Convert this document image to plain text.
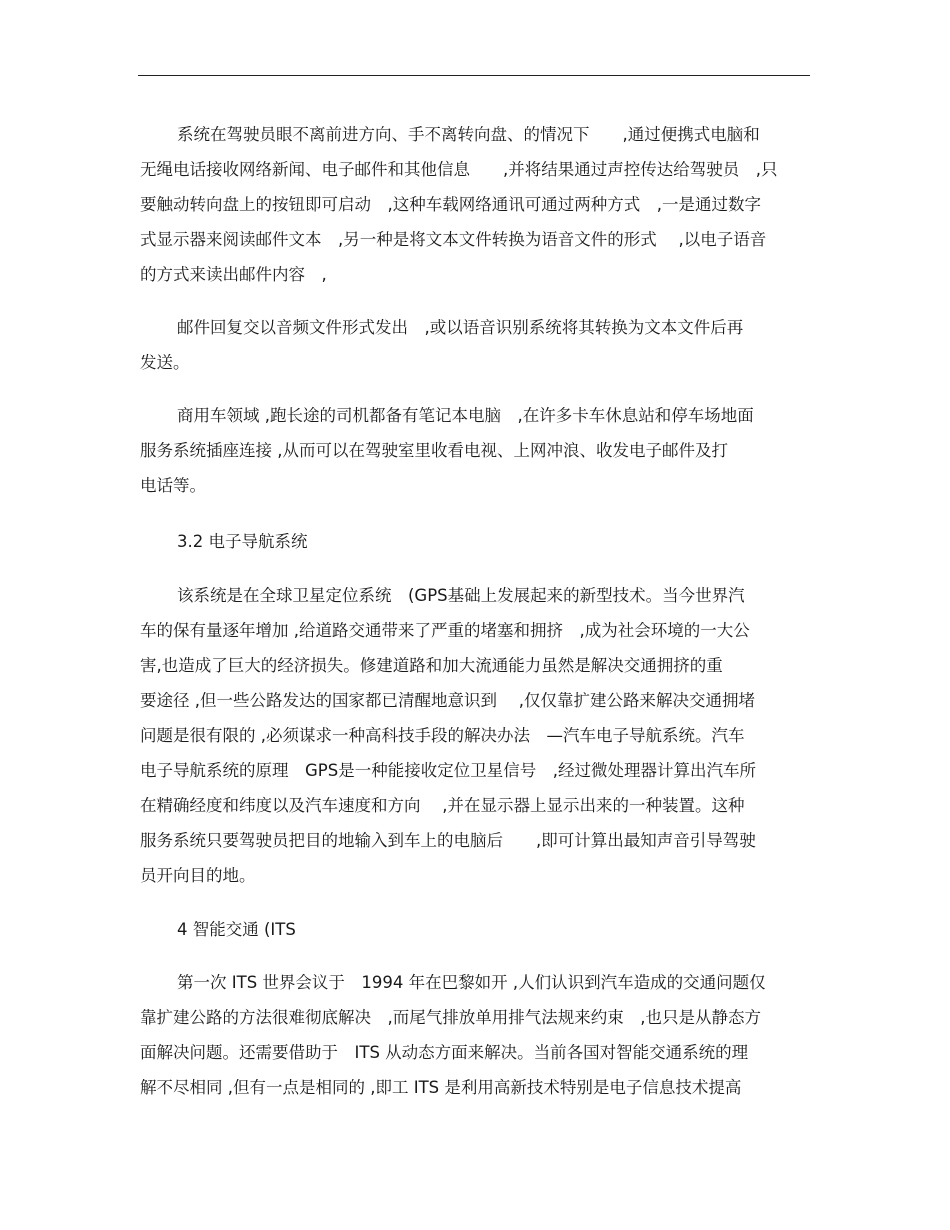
系统在驾驶员眼不离前进方向、手不离转向盘、的情况下　　,通过便携式电脑和
无绳电话接收网络新闻、电子邮件和其他信息　　,并将结果通过声控传达给驾驶员　,只
要触动转向盘上的按钮即可启动　,这种车载网络通讯可通过两种方式　,一是通过数字
式显示器来阅读邮件文本　,另一种是将文本文件转换为语音文件的形式　 ,以电子语音
的方式来读出邮件内容　,
邮件回复交以音频文件形式发出　,或以语音识别系统将其转换为文本文件后再
发送。
商用车领域 ,跑长途的司机都备有笔记本电脑　,在许多卡车休息站和停车场地面
服务系统插座连接 ,从而可以在驾驶室里收看电视、上网冲浪、收发电子邮件及打
电话等。
3.2 电子导航系统
该系统是在全球卫星定位系统　(GPS基础上发展起来的新型技术。当今世界汽
车的保有量逐年增加 ,给道路交通带来了严重的堵塞和拥挤　,成为社会环境的一大公
害,也造成了巨大的经济损失。修建道路和加大流通能力虽然是解决交通拥挤的重
要途径 ,但一些公路发达的国家都已清醒地意识到　 ,仅仅靠扩建公路来解决交通拥堵
问题是很有限的 ,必须谋求一种高科技手段的解决办法　—汽车电子导航系统。汽车
电子导航系统的原理　GPS是一种能接收定位卫星信号　,经过微处理器计算出汽车所
在精确经度和纬度以及汽车速度和方向　 ,并在显示器上显示出来的一种装置。这种
服务系统只要驾驶员把目的地输入到车上的电脑后　　,即可计算出最知声音引导驾驶
员开向目的地。
4 智能交通 (ITS
第一次 ITS 世界会议于　1994 年在巴黎如开 ,人们认识到汽车造成的交通问题仅
靠扩建公路的方法很难彻底解决　,而尾气排放单用排气法规来约束　,也只是从静态方
面解决问题。还需要借助于　ITS 从动态方面来解决。当前各国对智能交通系统的理
解不尽相同 ,但有一点是相同的 ,即工 ITS 是利用高新技术特别是电子信息技术提高
